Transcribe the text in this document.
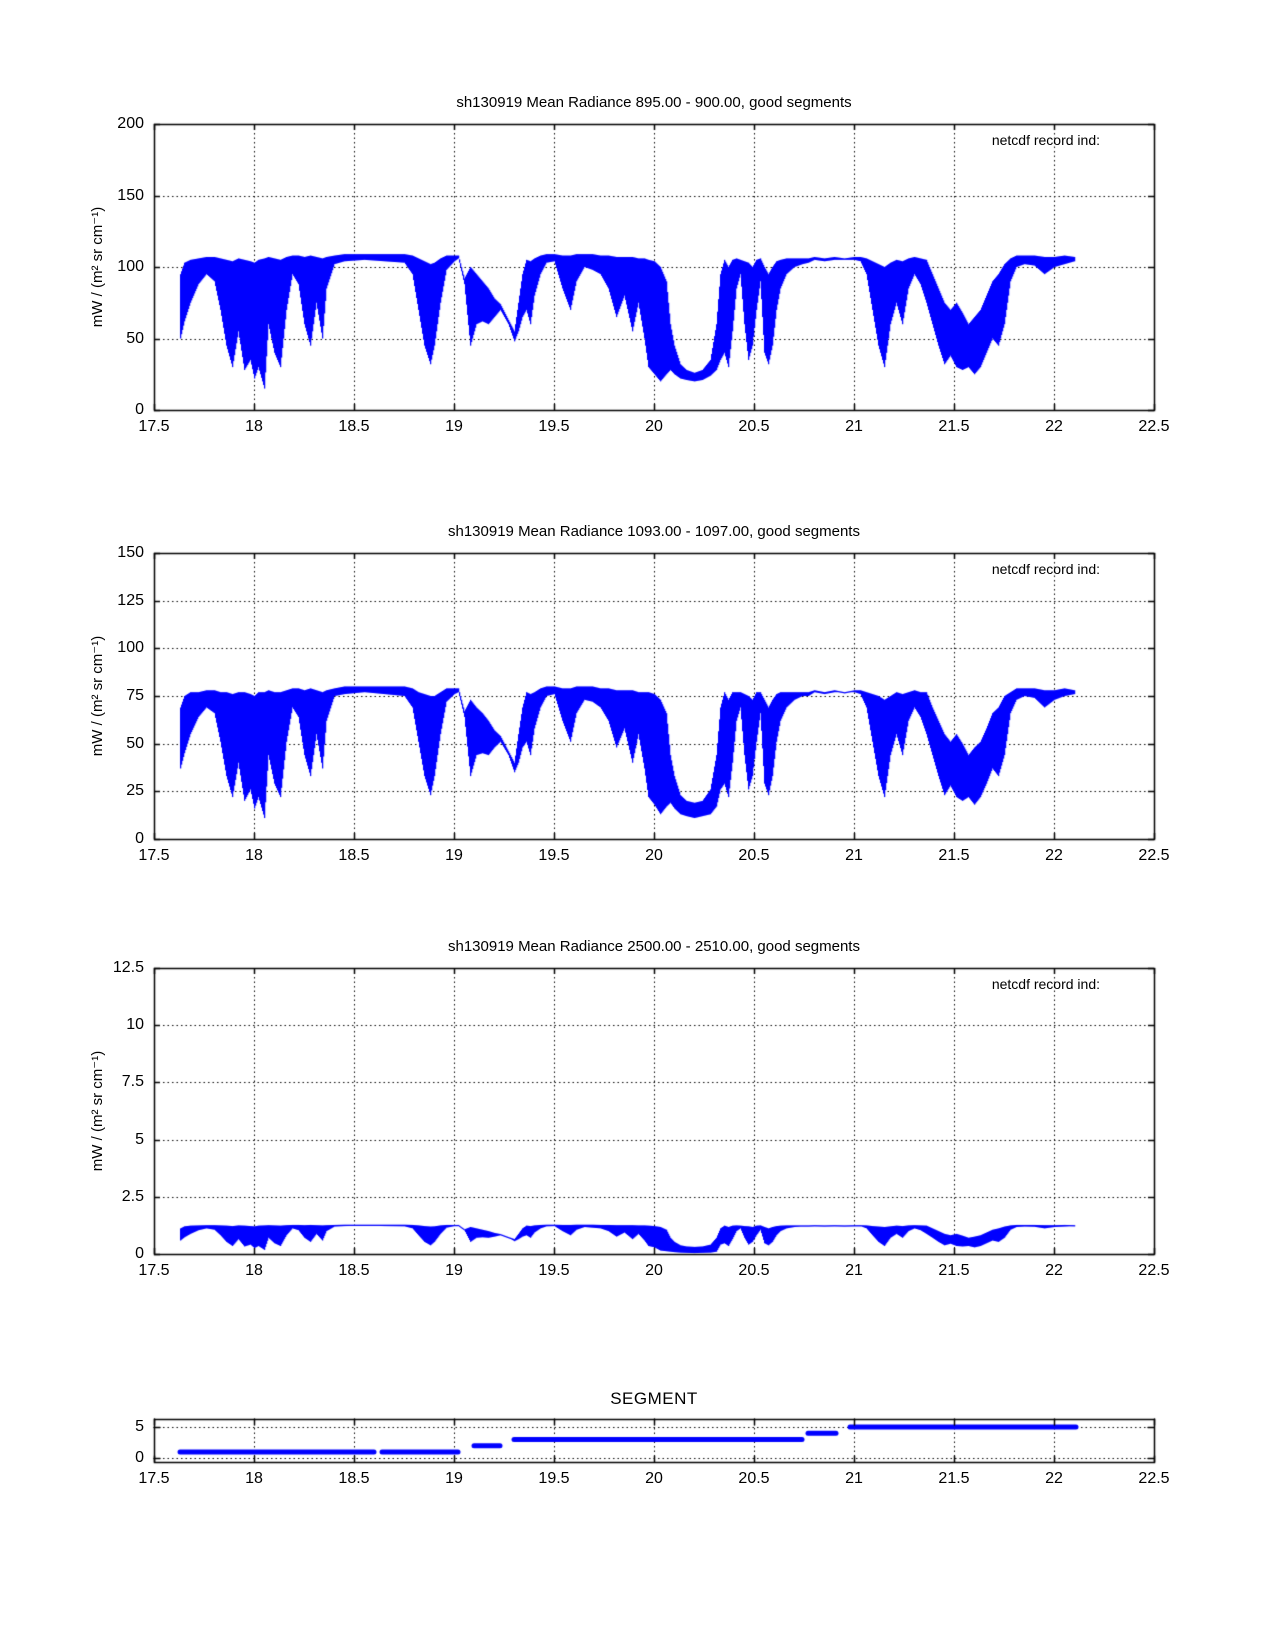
sh130919 Mean Radiance 895.00 - 900.00, good segments
sh130919 Mean Radiance 1093.00 - 1097.00, good segments
sh130919 Mean Radiance 2500.00 - 2510.00, good segments
SEGMENT
mW / (m² sr cm⁻¹)
mW / (m² sr cm⁻¹)
mW / (m² sr cm⁻¹)
netcdf record ind:
netcdf record ind:
netcdf record ind:
17.5	18	18.5	19	19.5	20	20.5	21	21.5	22	22.5
0
50
100
150
200
17.5	18	18.5	19	19.5	20	20.5	21	21.5	22	22.5
0
25
50
75
100
125
150
17.5	18	18.5	19	19.5	20	20.5	21	21.5	22	22.5
0
2.5
5
7.5
10
12.5
17.5	18	18.5	19	19.5	20	20.5	21	21.5	22	22.5
0
5
